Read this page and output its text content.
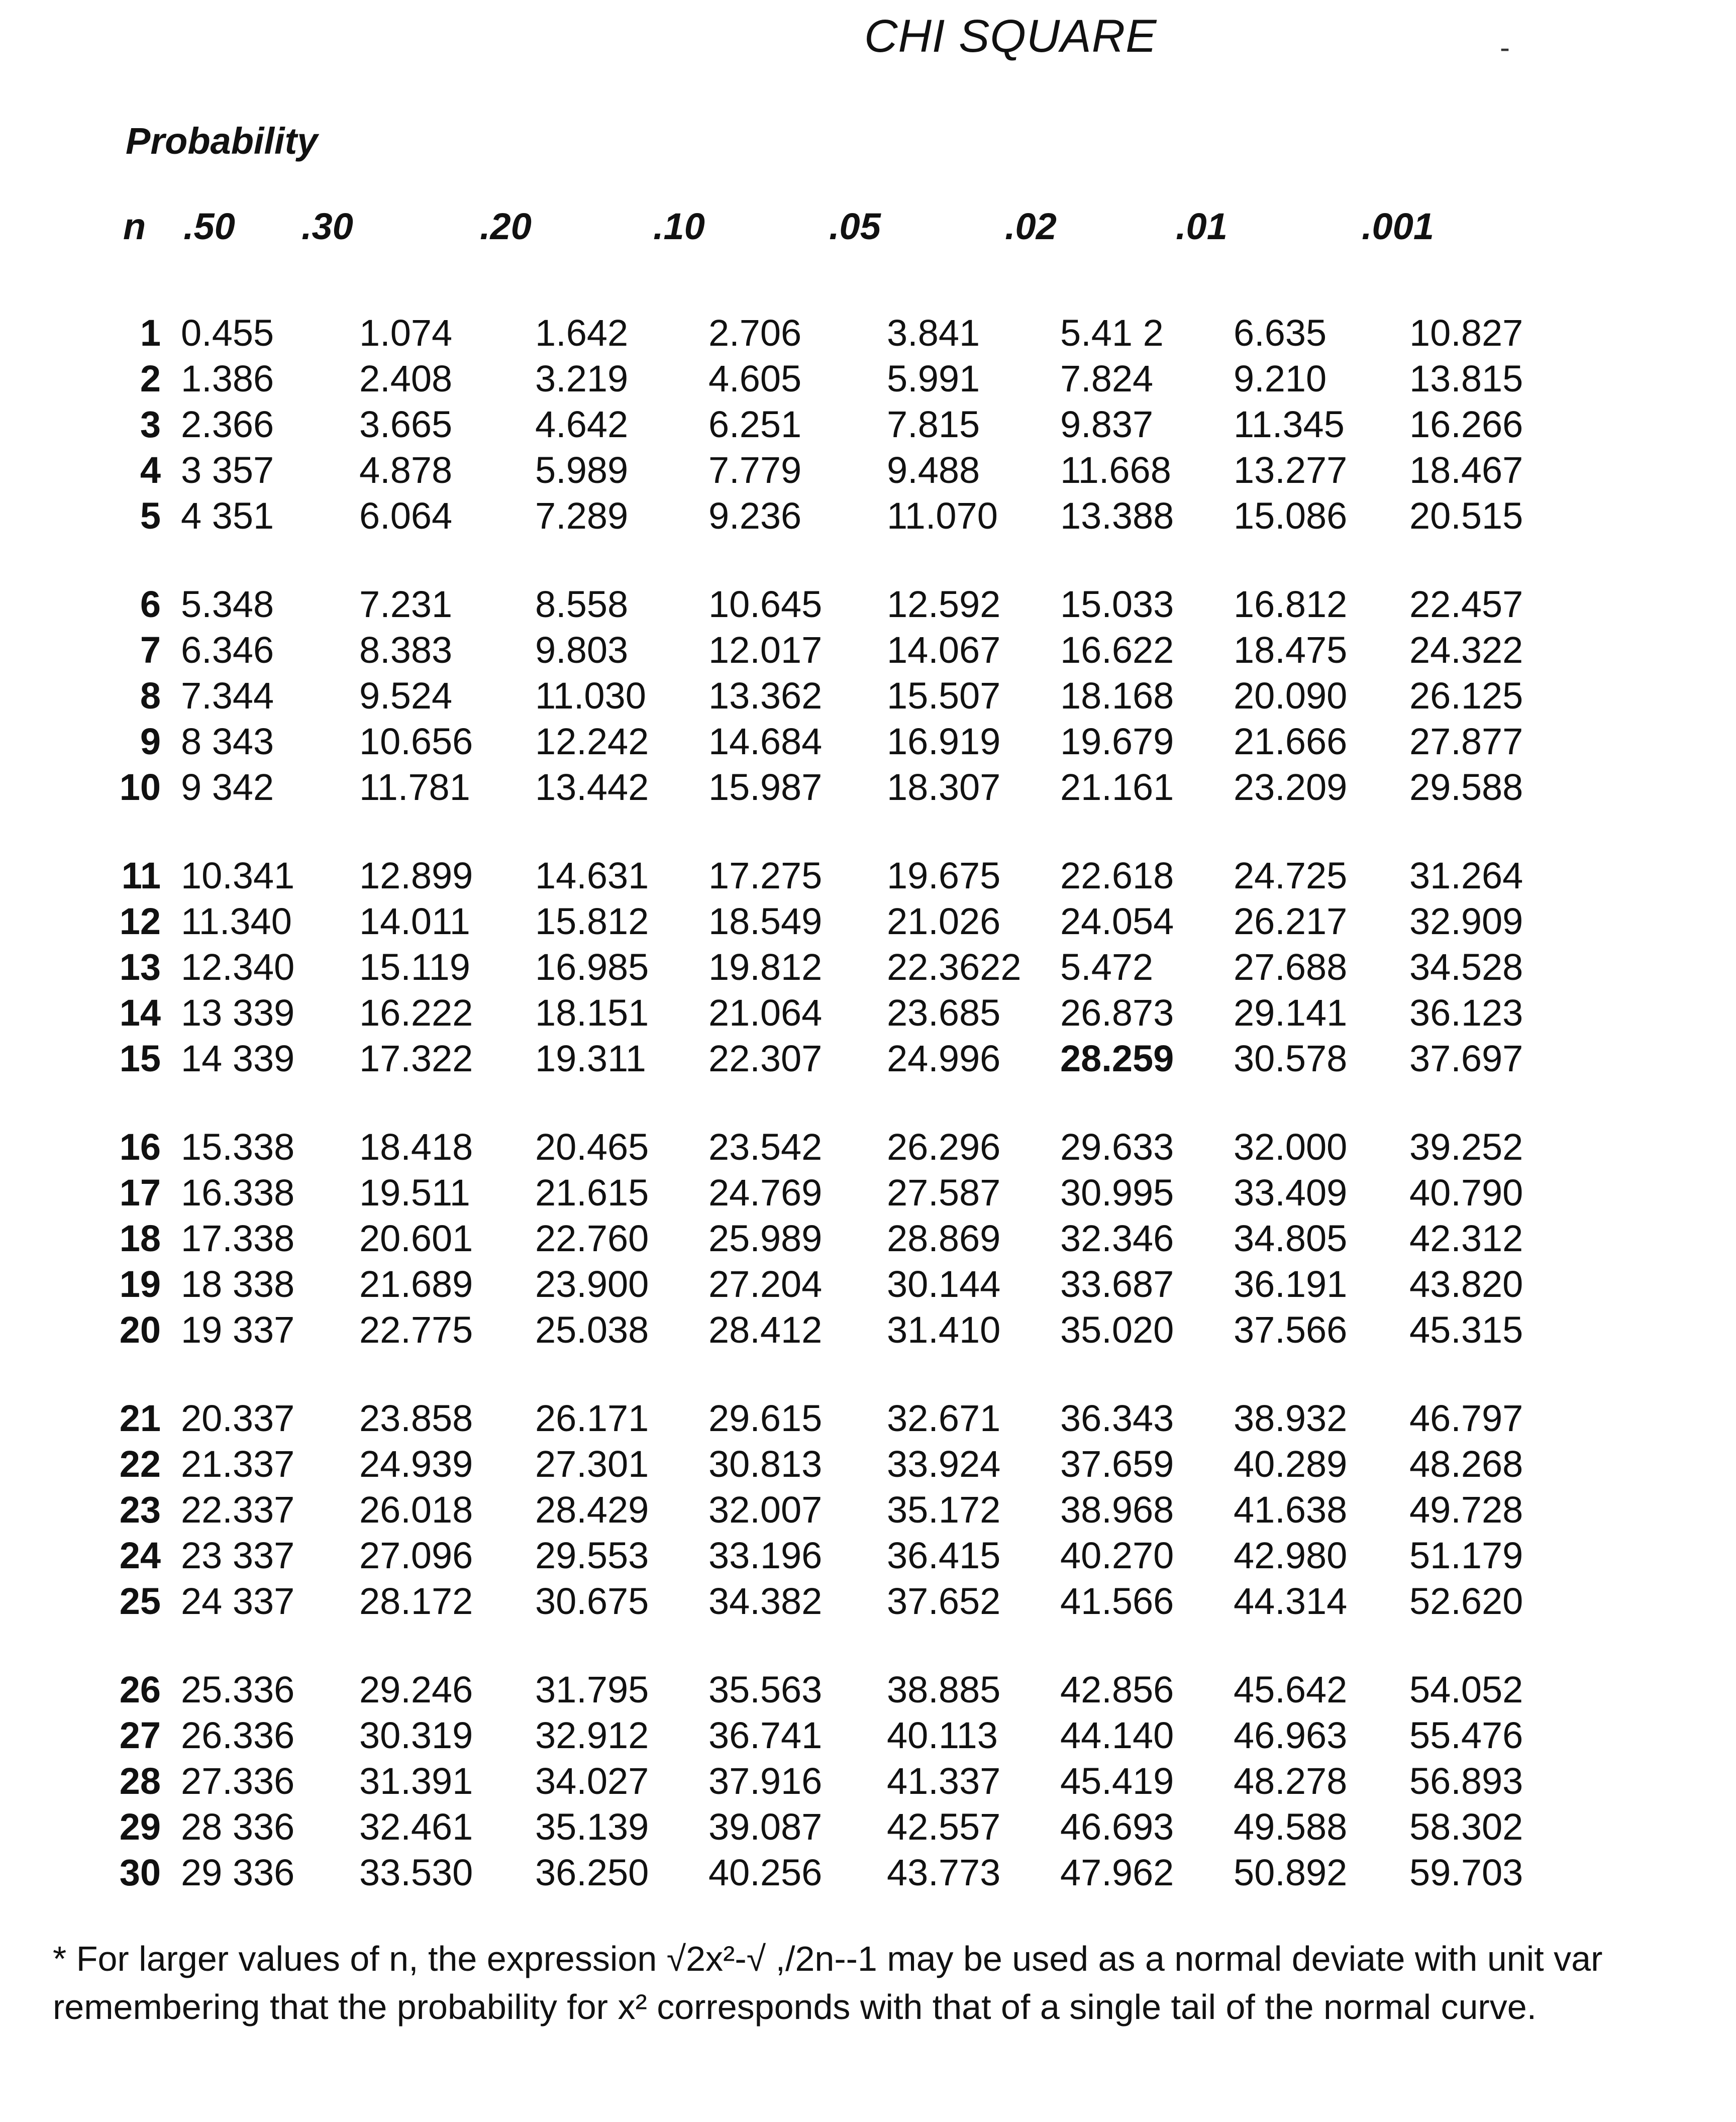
CHI SQUARE	-
Probability
n .50 .30	.20	.10	.05	.02	.01	.001
1 0.455 1.074 1.642 2.706 3.841 5.41 2 6.635 10.827
2 1.386 2.408 3.219 4.605 5.991 7.824 9.210 13.815
3 2.366 3.665 4.642 6.251 7.815 9.837 11.345 16.266
4 3 357 4.878 5.989 7.779 9.488 11.668 13.277 18.467
5 4 351 6.064 7.289 9.236 11.070 13.388 15.086 20.515
6 5.348 7.231 8.558 10.645 12.592 15.033 16.812 22.457
7 6.346 8.383 9.803 12.017 14.067 16.622 18.475 24.322
8 7.344 9.524 11.030 13.362 15.507 18.168 20.090 26.125
9 8 343 10.656 12.242 14.684 16.919 19.679 21.666 27.877
10 9 342 11.781 13.442 15.987 18.307 21.161 23.209 29.588
11 10.341 12.899 14.631 17.275 19.675 22.618 24.725 31.264
12 11.340 14.011 15.812 18.549 21.026 24.054 26.217 32.909
13 12.340 15.119 16.985 19.812 22.3622 5.472 27.688 34.528
14 13 339 16.222 18.151 21.064 23.685 26.873 29.141 36.123
15 14 339 17.322 19.311 22.307 24.996 28.259 30.578 37.697
16 15.338 18.418 20.465 23.542 26.296 29.633 32.000 39.252
17 16.338 19.511 21.615 24.769 27.587 30.995 33.409 40.790
18 17.338 20.601 22.760 25.989 28.869 32.346 34.805 42.312
19 18 338 21.689 23.900 27.204 30.144 33.687 36.191 43.820
20 19 337 22.775 25.038 28.412 31.410 35.020 37.566 45.315
21 20.337 23.858 26.171 29.615 32.671 36.343 38.932 46.797
22 21.337 24.939 27.301 30.813 33.924 37.659 40.289 48.268
23 22.337 26.018 28.429 32.007 35.172 38.968 41.638 49.728
24 23 337 27.096 29.553 33.196 36.415 40.270 42.980 51.179
25 24 337 28.172 30.675 34.382 37.652 41.566 44.314 52.620
26 25.336 29.246 31.795 35.563 38.885 42.856 45.642 54.052
27 26.336 30.319 32.912 36.741 40.113 44.140 46.963 55.476
28 27.336 31.391 34.027 37.916 41.337 45.419 48.278 56.893
29 28 336 32.461 35.139 39.087 42.557 46.693 49.588 58.302
30 29 336 33.530 36.250 40.256 43.773 47.962 50.892 59.703
* For larger values of n, the expression √2x²-√ ,/2n--1 may be used as a normal deviate with unit var
remembering that the probability for x² corresponds with that of a single tail of the normal curve.
